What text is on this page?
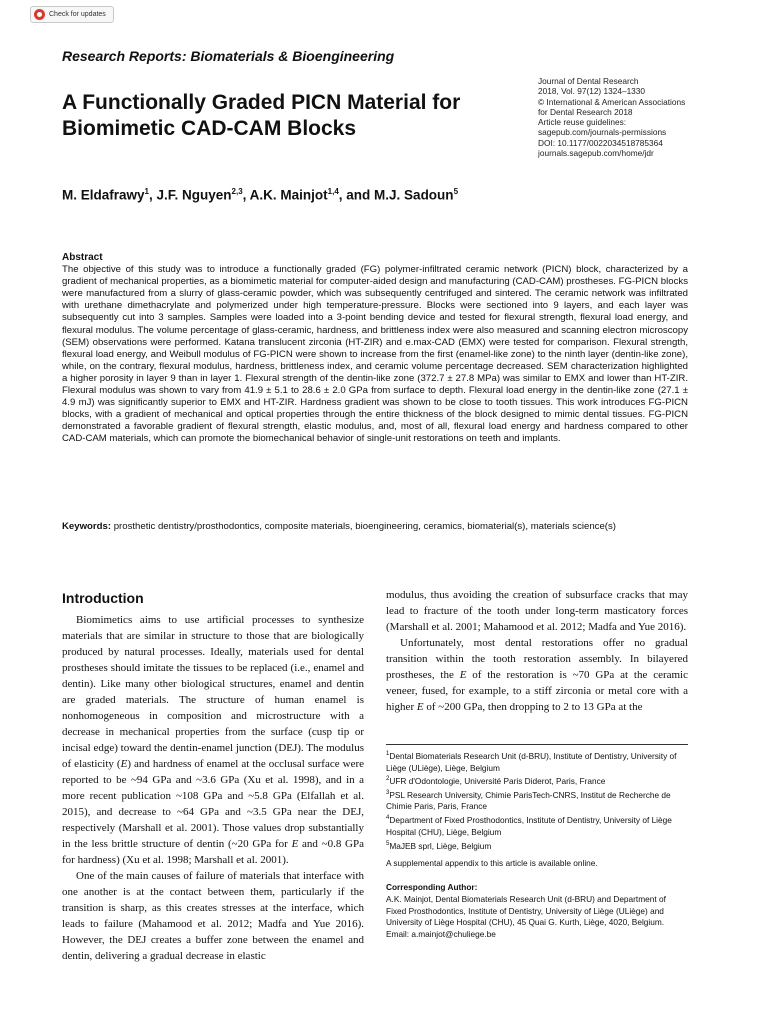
Check for updates
Research Reports: Biomaterials & Bioengineering
A Functionally Graded PICN Material for Biomimetic CAD-CAM Blocks
Journal of Dental Research
2018, Vol. 97(12) 1324–1330
© International & American Associations
for Dental Research 2018
Article reuse guidelines:
sagepub.com/journals-permissions
DOI: 10.1177/0022034518785364
journals.sagepub.com/home/jdr
M. Eldafrawy$^1$, J.F. Nguyen$^{2,3}$, A.K. Mainjot$^{1,4}$, and M.J. Sadoun$^5$
Abstract
The objective of this study was to introduce a functionally graded (FG) polymer-infiltrated ceramic network (PICN) block, characterized by a gradient of mechanical properties, as a biomimetic material for computer-aided design and manufacturing (CAD-CAM) prostheses. FG-PICN blocks were manufactured from a slurry of glass-ceramic powder, which was subsequently centrifuged and sintered. The ceramic network was infiltrated with urethane dimethacrylate and polymerized under high temperature-pressure. Blocks were sectioned into 9 layers, and each layer was subsequently cut into 3 samples. Samples were loaded into a 3-point bending device and tested for flexural strength, flexural load energy, and flexural modulus. The volume percentage of glass-ceramic, hardness, and brittleness index were also measured and scanning electron microscopy (SEM) observations were performed. Katana translucent zirconia (HT-ZIR) and e.max-CAD (EMX) were tested for comparison. Flexural strength, flexural load energy, and Weibull modulus of FG-PICN were shown to increase from the first (enamel-like zone) to the ninth layer (dentin-like zone), while, on the contrary, flexural modulus, hardness, brittleness index, and ceramic volume percentage decreased. SEM characterization highlighted a higher porosity in layer 9 than in layer 1. Flexural strength of the dentin-like zone (372.7 ± 27.8 MPa) was similar to EMX and lower than HT-ZIR. Flexural modulus was shown to vary from 41.9 ± 5.1 to 28.6 ± 2.0 GPa from surface to depth. Flexural load energy in the dentin-like zone (27.1 ± 4.9 mJ) was significantly superior to EMX and HT-ZIR. Hardness gradient was shown to be close to tooth tissues. This work introduces FG-PICN blocks, with a gradient of mechanical and optical properties through the entire thickness of the block designed to mimic dental tissues. FG-PICN demonstrated a favorable gradient of flexural strength, elastic modulus, and, most of all, flexural load energy and hardness compared to other CAD-CAM materials, which can promote the biomechanical behavior of single-unit restorations on teeth and implants.
Keywords: prosthetic dentistry/prosthodontics, composite materials, bioengineering, ceramics, biomaterial(s), materials science(s)
Introduction

Biomimetics aims to use artificial processes to synthesize materials that are similar in structure to those that are biologically produced by natural processes. Ideally, materials used for dental prostheses should imitate the tissues to be replaced (i.e., enamel and dentin). Like many other biological structures, enamel and dentin are graded materials. The structure of human enamel is nonhomogeneous in composition and microstructure with a decrease in mechanical properties from the surface (cusp tip or incisal edge) toward the dentin-enamel junction (DEJ). The modulus of elasticity (E) and hardness of enamel at the occlusal surface were reported to be ~94 GPa and ~3.6 GPa (Xu et al. 1998), and in a more recent publication ~108 GPa and ~5.8 GPa (Elfallah et al. 2015), and decrease to ~64 GPa and ~3.5 GPa near the DEJ, respectively (Marshall et al. 2001). Those values drop substantially in the less brittle structure of dentin (~20 GPa for E and ~0.8 GPa for hardness) (Xu et al. 1998; Marshall et al. 2001).

One of the main causes of failure of materials that interface with one another is at the contact between them, particularly if the transition is sharp, as this creates stresses at the interface, which leads to failure (Mahamood et al. 2012; Madfa and Yue 2016). However, the DEJ creates a buffer zone between the enamel and dentin, delivering a gradual decrease in elastic

modulus, thus avoiding the creation of subsurface cracks that may lead to fracture of the tooth under long-term masticatory forces (Marshall et al. 2001; Mahamood et al. 2012; Madfa and Yue 2016).

Unfortunately, most dental restorations offer no gradual transition within the tooth restoration assembly. In bilayered prostheses, the E of the restoration is ~70 GPa at the ceramic veneer, fused, for example, to a stiff zirconia or metal core with a higher E of ~200 GPa, then dropping to 2 to 13 GPa at the

$^1$Dental Biomaterials Research Unit (d-BRU), Institute of Dentistry, University of Liège (ULiège), Liège, Belgium
$^2$UFR d'Odontologie, Université Paris Diderot, Paris, France
$^3$PSL Research University, Chimie ParisTech-CNRS, Institut de Recherche de Chimie Paris, Paris, France
$^4$Department of Fixed Prosthodontics, Institute of Dentistry, University of Liège Hospital (CHU), Liège, Belgium
$^5$MaJEB sprl, Liège, Belgium
A supplemental appendix to this article is available online.
Corresponding Author:
A.K. Mainjot, Dental Biomaterials Research Unit (d-BRU) and Department of Fixed Prosthodontics, Institute of Dentistry, University of Liège (ULiège) and University of Liège Hospital (CHU), 45 Quai G. Kurth, Liège, 4020, Belgium.
Email: a.mainjot@chuliege.be
